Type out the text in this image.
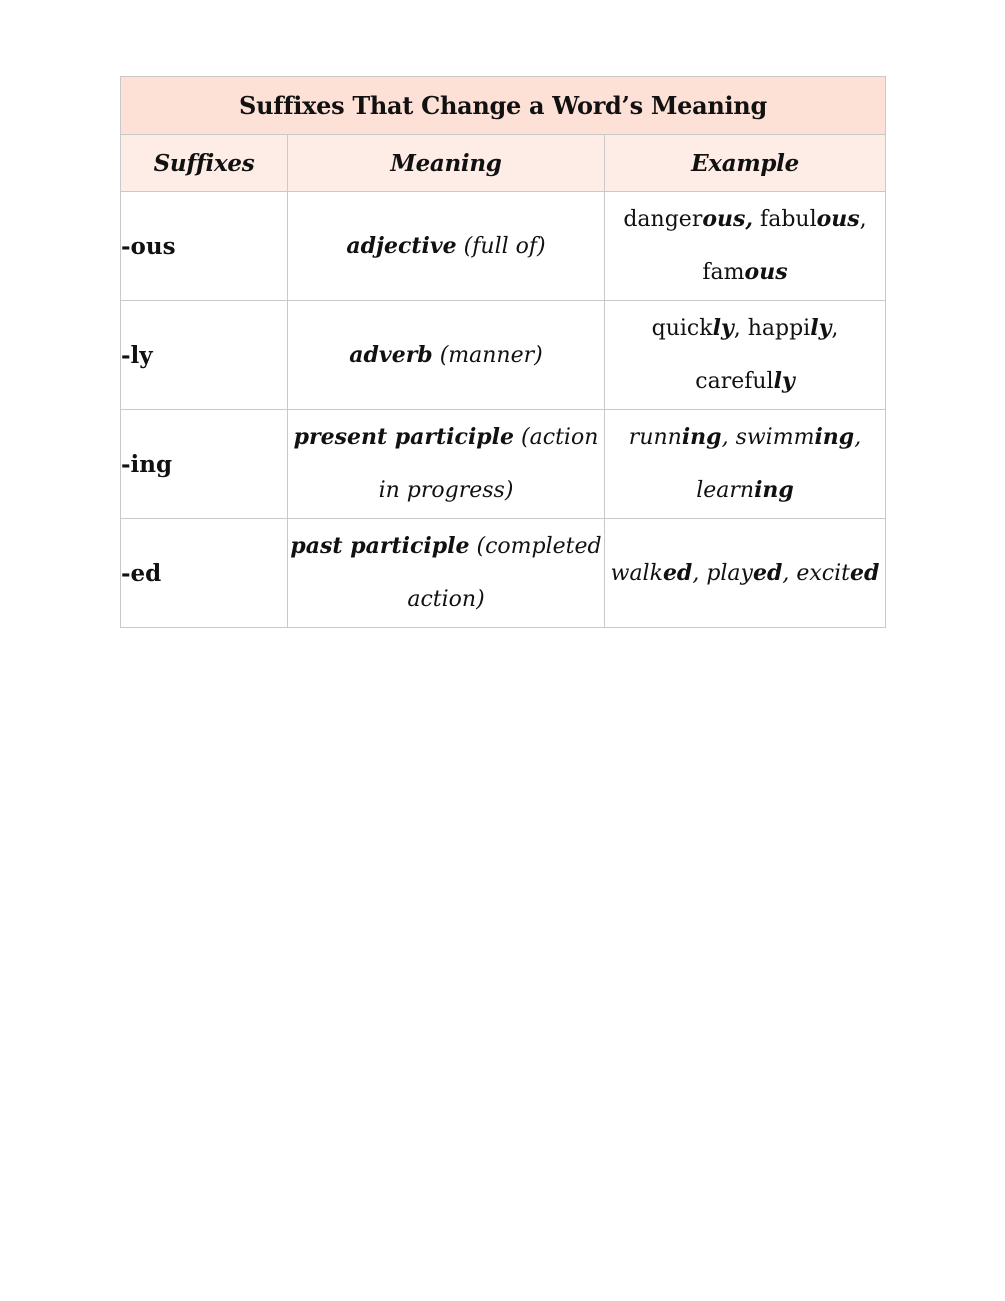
Suffixes That Change a Word’s Meaning		
Suffixes	Meaning	Example
-ous	adjective (full of)	dangerous, fabulous, famous
-ly	adverb (manner)	quickly, happily, carefully
-ing	present participle (action in progress)	running, swimming, learning
-ed	past participle (completed action)	walked, played, excited
